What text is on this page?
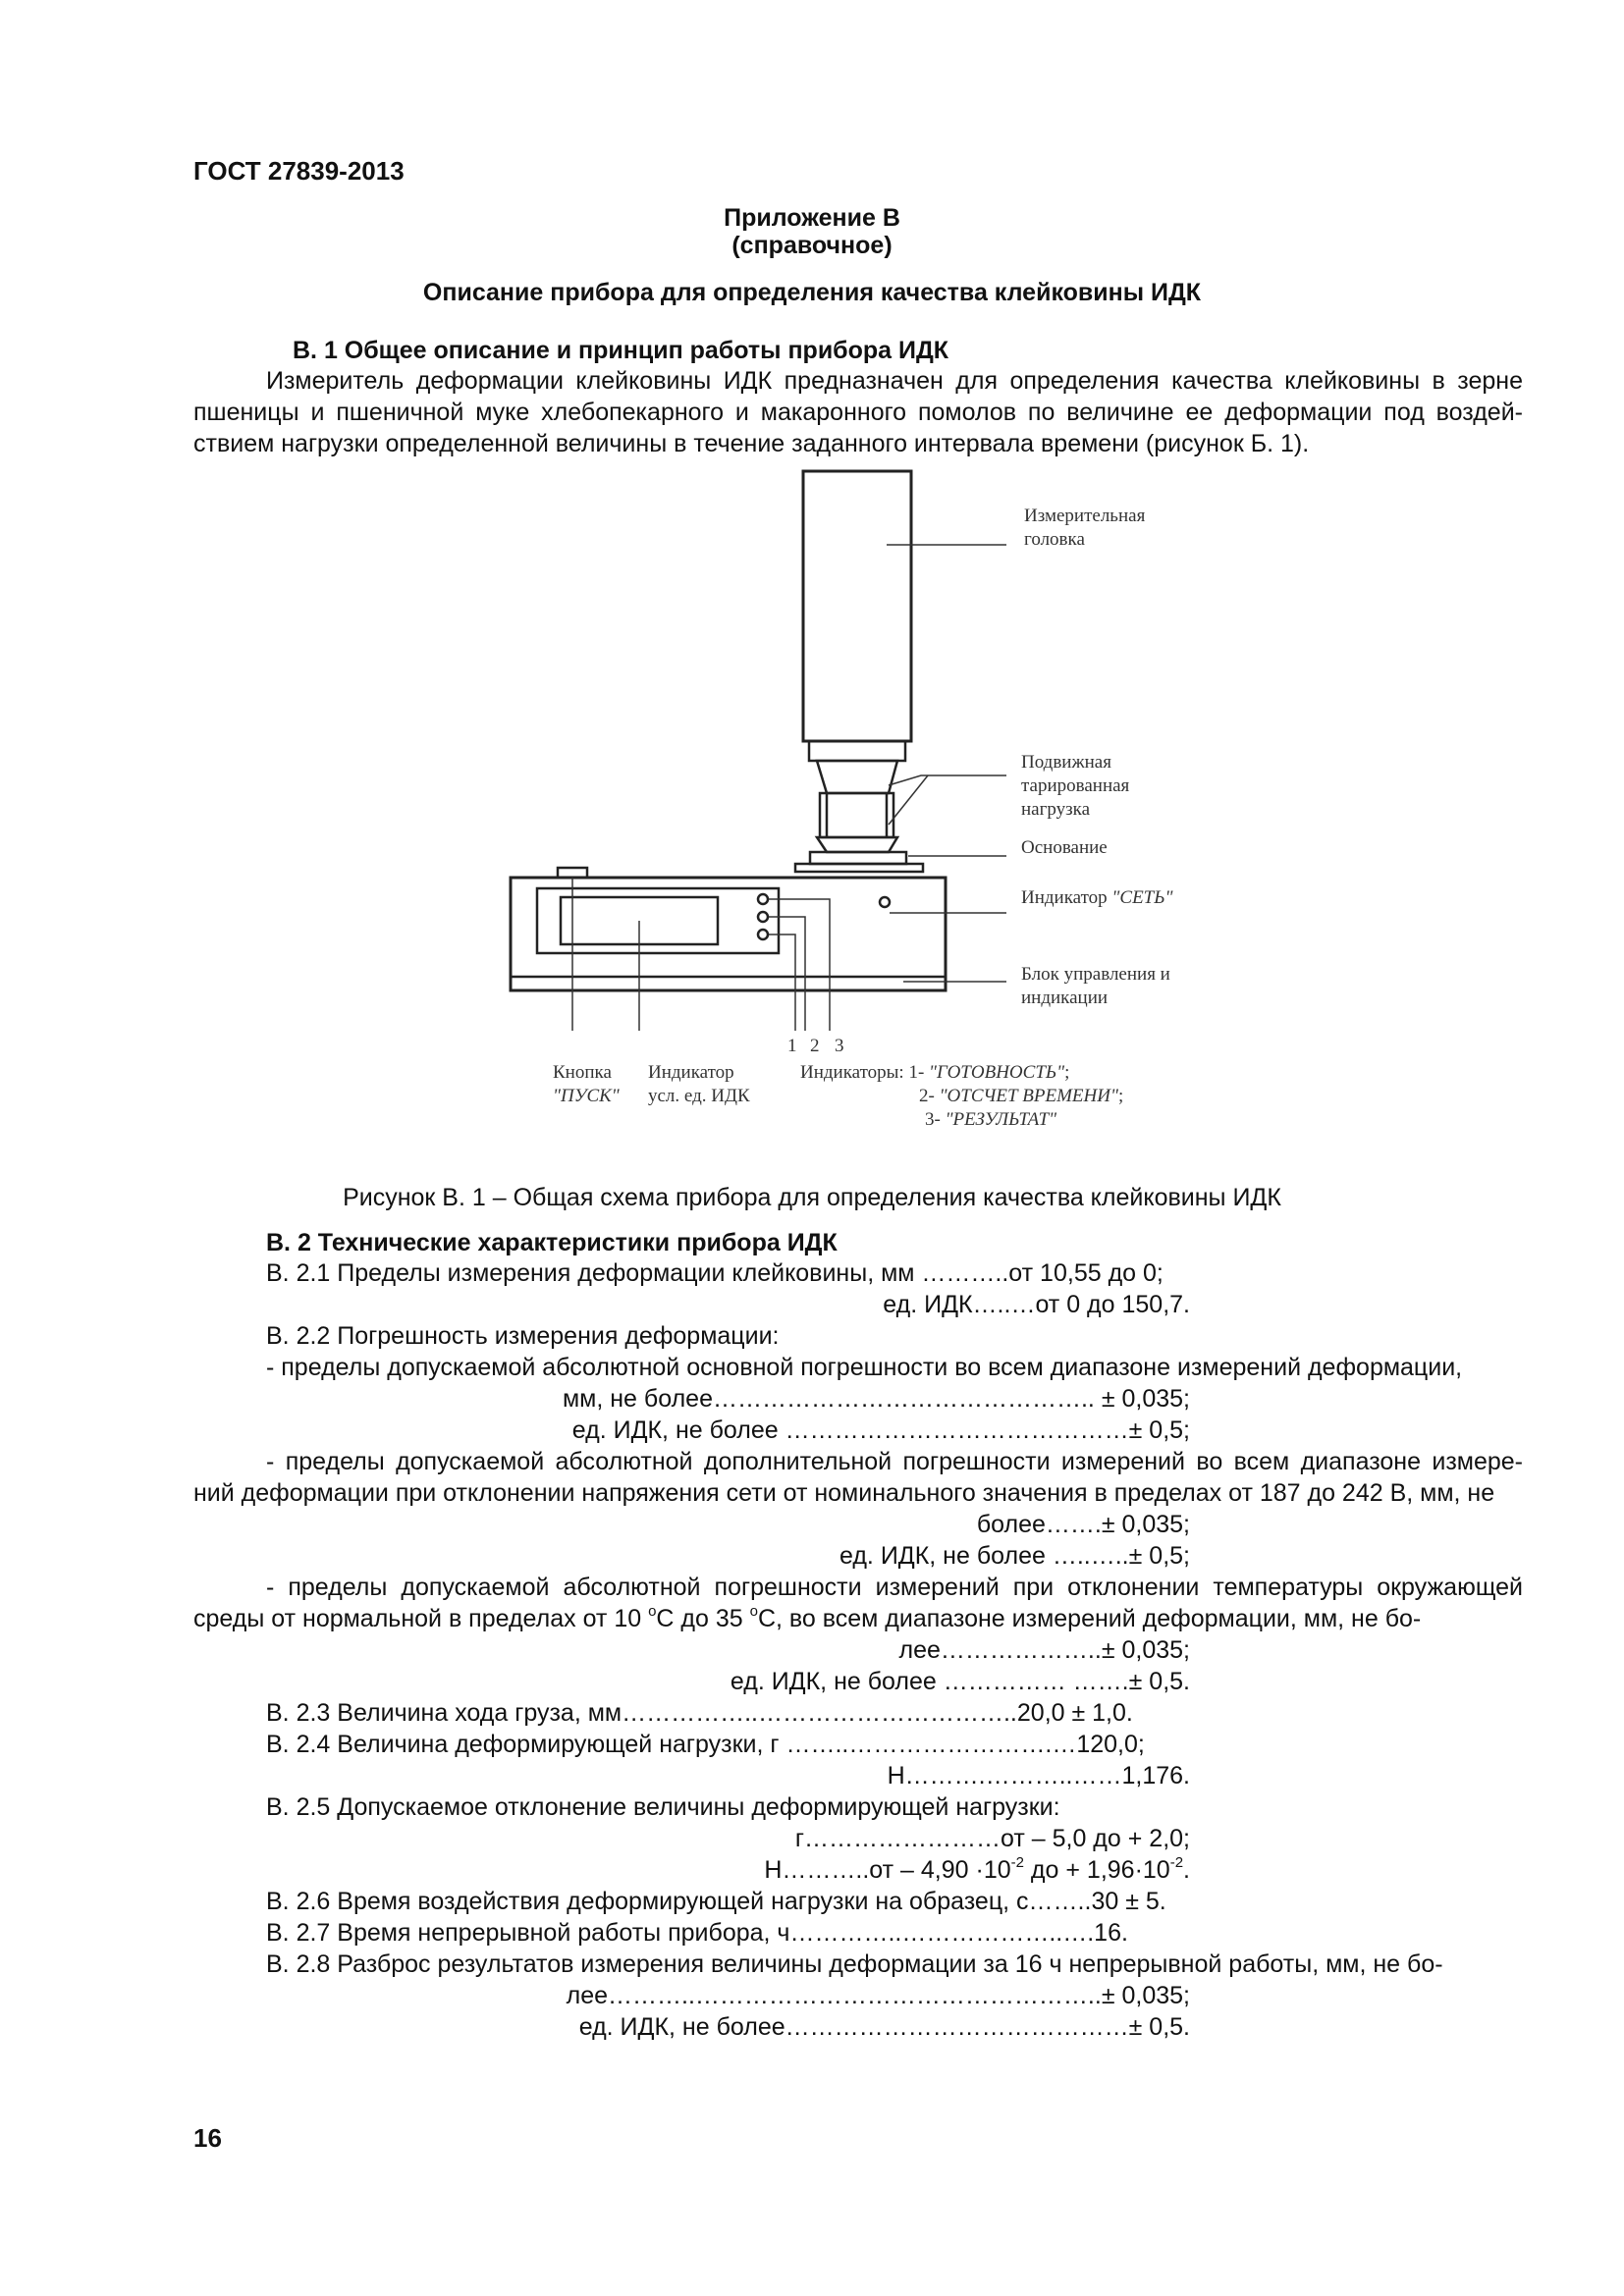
ГОСТ 27839-2013
Приложение В
(справочное)
Описание прибора для определения качества клейковины ИДК
В. 1 Общее описание и принцип работы прибора ИДК
Измеритель деформации клейковины ИДК предназначен для определения качества клейковины в зерне
пшеницы и пшеничной муке хлебопекарного и макаронного помолов по величине ее деформации под воздей-
ствием нагрузки определенной величины в течение заданного интервала времени (рисунок Б. 1).
Измерительная
головка
Подвижная
тарированная
нагрузка
Основание
Индикатор "СЕТЬ"
Блок управления и
индикации
1 2 3
Кнопка
"ПУСК"
Индикатор
усл. ед. ИДК
Индикаторы: 1- "ГОТОВНОСТЬ";
2- "ОТСЧЕТ ВРЕМЕНИ";
3- "РЕЗУЛЬТАТ"
Рисунок В. 1 – Общая схема прибора для определения качества клейковины ИДК
В. 2 Технические характеристики прибора ИДК
В. 2.1 Пределы измерения деформации клейковины, мм ………..от 10,55 до 0;
ед. ИДК…..…от 0 до 150,7.
В. 2.2 Погрешность измерения деформации:
- пределы допускаемой абсолютной основной погрешности во всем диапазоне измерений деформации,
мм, не более……………………………………….. ± 0,035;
ед. ИДК, не более ……………………………………± 0,5;
- пределы допускаемой абсолютной дополнительной погрешности измерений во всем диапазоне измере-
ний деформации при отклонении напряжения сети от номинального значения в пределах от 187 до 242 В, мм, не
более…….± 0,035;
ед. ИДК, не более …..…..± 0,5;
- пределы допускаемой абсолютной погрешности измерений при отклонении температуры окружающей
среды от нормальной в пределах от 10 $^o$С до 35 $^o$С, во всем диапазоне измерений деформации, мм, не бо-
лее………………..± 0,035;
ед. ИДК, не более …………… …….± 0,5.
В. 2.3 Величина хода груза, мм……………..…………………………..20,0 ± 1,0.
В. 2.4 Величина деформирующей нагрузки, г ……..…………………….…120,0;
Н……….………..……1,176.
В. 2.5 Допускаемое отклонение величины деформирующей нагрузки:
г……………………от – 5,0 до + 2,0;
Н………..от – $4,90 \cdot 10^{-2}$ до + $1,96\cdot 10^{-2}$.
В. 2.6 Время воздействия деформирующей нагрузки на образец, с……..30 ± 5.
В. 2.7 Время непрерывной работы прибора, ч…………..………………..….16.
В. 2.8 Разброс результатов измерения величины деформации за 16 ч непрерывной работы, мм, не бо-
лее………..…………………………………………..± 0,035;
ед. ИДК, не более……………………………………± 0,5.
16
